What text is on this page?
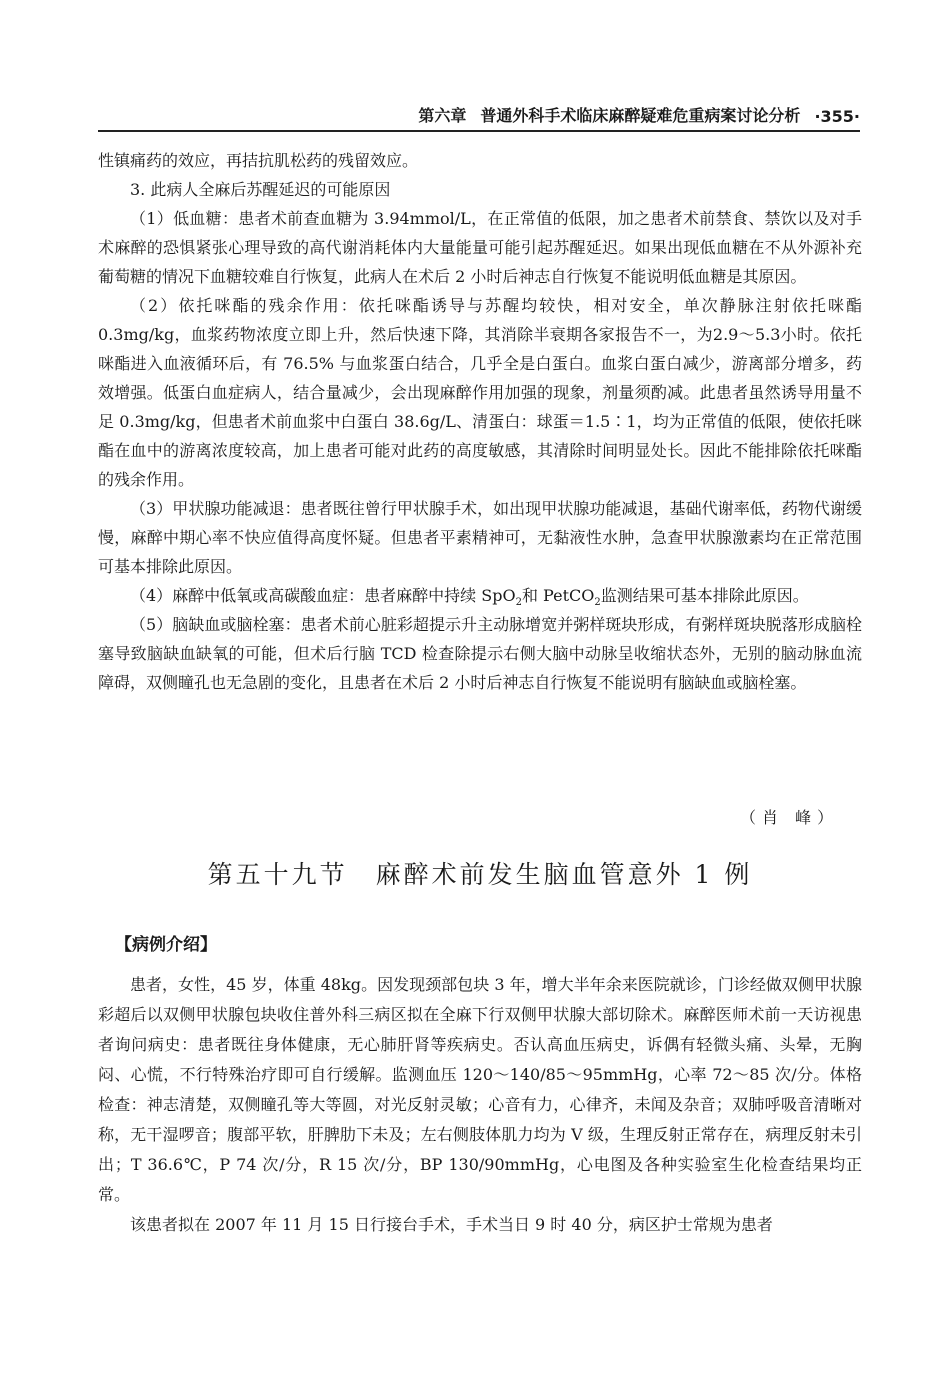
第六章 普通外科手术临床麻醉疑难危重病案讨论分析 ·355·

性镇痛药的效应，再拮抗肌松药的残留效应。

3. 此病人全麻后苏醒延迟的可能原因

（1）低血糖：患者术前查血糖为 3.94mmol/L，在正常值的低限，加之患者术前禁食、禁饮以及对手术麻醉的恐惧紧张心理导致的高代谢消耗体内大量能量可能引起苏醒延迟。如果出现低血糖在不从外源补充葡萄糖的情况下血糖较难自行恢复，此病人在术后 2 小时后神志自行恢复不能说明低血糖是其原因。

（2）依托咪酯的残余作用：依托咪酯诱导与苏醒均较快，相对安全，单次静脉注射依托咪酯0.3mg/kg，血浆药物浓度立即上升，然后快速下降，其消除半衰期各家报告不一，为2.9～5.3小时。依托咪酯进入血液循环后，有 76.5% 与血浆蛋白结合，几乎全是白蛋白。血浆白蛋白减少，游离部分增多，药效增强。低蛋白血症病人，结合量减少，会出现麻醉作用加强的现象，剂量须酌减。此患者虽然诱导用量不足 0.3mg/kg，但患者术前血浆中白蛋白 38.6g/L、清蛋白：球蛋＝1.5∶1，均为正常值的低限，使依托咪酯在血中的游离浓度较高，加上患者可能对此药的高度敏感，其清除时间明显处长。因此不能排除依托咪酯的残余作用。

（3）甲状腺功能减退：患者既往曾行甲状腺手术，如出现甲状腺功能减退，基础代谢率低，药物代谢缓慢，麻醉中期心率不快应值得高度怀疑。但患者平素精神可，无黏液性水肿，急查甲状腺激素均在正常范围可基本排除此原因。

（4）麻醉中低氧或高碳酸血症：患者麻醉中持续 SpO$_2$和 PetCO$_2$监测结果可基本排除此原因。

（5）脑缺血或脑栓塞：患者术前心脏彩超提示升主动脉增宽并粥样斑块形成，有粥样斑块脱落形成脑栓塞导致脑缺血缺氧的可能，但术后行脑 TCD 检查除提示右侧大脑中动脉呈收缩状态外，无别的脑动脉血流障碍，双侧瞳孔也无急剧的变化，且患者在术后 2 小时后神志自行恢复不能说明有脑缺血或脑栓塞。

（肖 峰）
第五十九节　麻醉术前发生脑血管意外 1 例
【病例介绍】

患者，女性，45 岁，体重 48kg。因发现颈部包块 3 年，增大半年余来医院就诊，门诊经做双侧甲状腺彩超后以双侧甲状腺包块收住普外科三病区拟在全麻下行双侧甲状腺大部切除术。麻醉医师术前一天访视患者询问病史：患者既往身体健康，无心肺肝肾等疾病史。否认高血压病史，诉偶有轻微头痛、头晕，无胸闷、心慌，不行特殊治疗即可自行缓解。监测血压 120～140/85～95mmHg，心率 72～85 次/分。体格检查：神志清楚，双侧瞳孔等大等圆，对光反射灵敏；心音有力，心律齐，未闻及杂音；双肺呼吸音清晰对称，无干湿啰音；腹部平软，肝脾肋下未及；左右侧肢体肌力均为 V 级，生理反射正常存在，病理反射未引出；T 36.6℃，P 74 次/分，R 15 次/分，BP 130/90mmHg，心电图及各种实验室生化检查结果均正常。

该患者拟在 2007 年 11 月 15 日行接台手术，手术当日 9 时 40 分，病区护士常规为患者
